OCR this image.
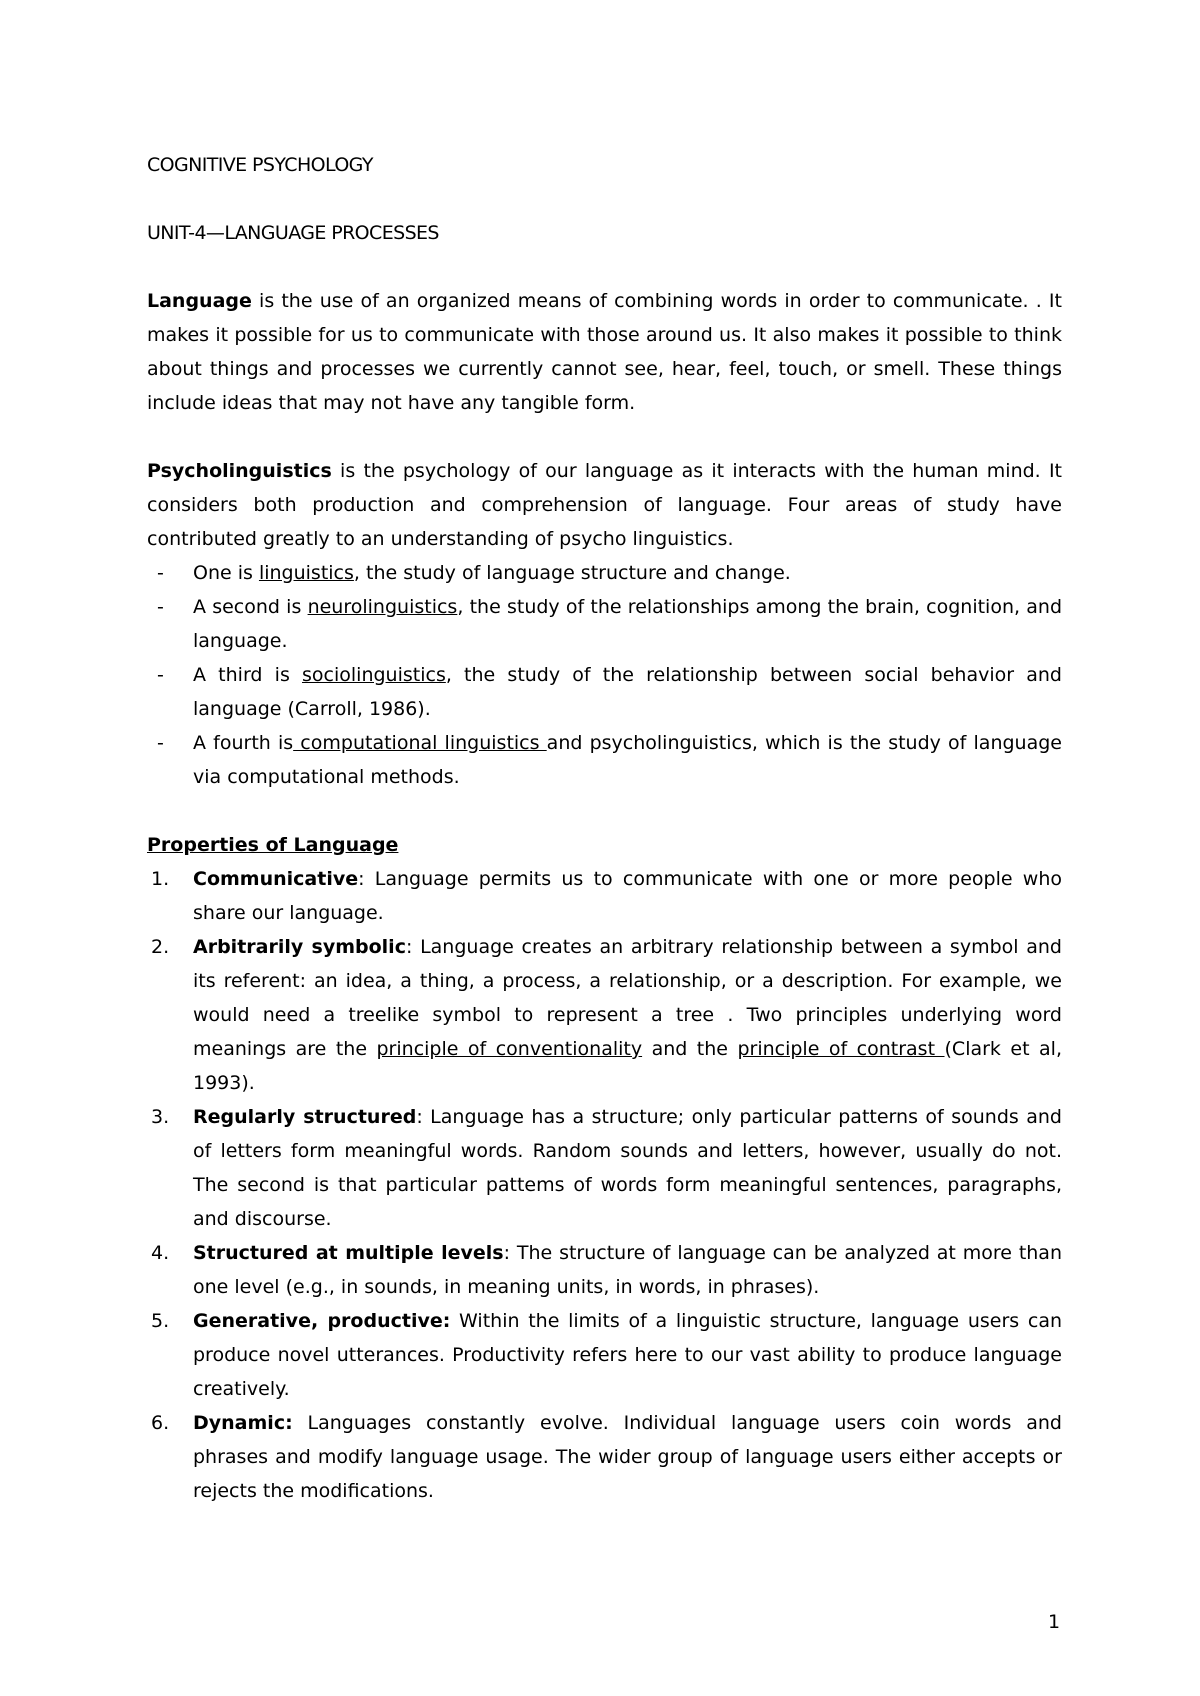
COGNITIVE PSYCHOLOGY

UNIT-4—LANGUAGE PROCESSES

Language is the use of an organized means of combining words in order to communicate. . It makes it possible for us to communicate with those around us. It also makes it possible to think about things and processes we currently cannot see, hear, feel, touch, or smell. These things include ideas that may not have any tangible form.

Psycholinguistics is the psychology of our language as it interacts with the human mind. It considers both production and comprehension of language. Four areas of study have contributed greatly to an understanding of psycho linguistics.

- One is linguistics, the study of language structure and change.
- A second is neurolinguistics, the study of the relationships among the brain, cognition, and language.
- A third is sociolinguistics, the study of the relationship between social behavior and language (Carroll, 1986).
- A fourth is computational linguistics and psycholinguistics, which is the study of language via computational methods.

Properties of Language

1. Communicative: Language permits us to communicate with one or more people who share our language.
2. Arbitrarily symbolic: Language creates an arbitrary relationship between a symbol and its referent: an idea, a thing, a process, a relationship, or a description. For example, we would need a treelike symbol to represent a tree . Two principles underlying word meanings are the principle of conventionality and the principle of contrast (Clark et al, 1993).
3. Regularly structured: Language has a structure; only particular patterns of sounds and of letters form meaningful words. Random sounds and letters, however, usually do not. The second is that particular pattems of words form meaningful sentences, paragraphs, and discourse.
4. Structured at multiple levels: The structure of language can be analyzed at more than one level (e.g., in sounds, in meaning units, in words, in phrases).
5. Generative, productive: Within the limits of a linguistic structure, language users can produce novel utterances. Productivity refers here to our vast ability to produce language creatively.
6. Dynamic: Languages constantly evolve. Individual language users coin words and phrases and modify language usage. The wider group of language users either accepts or rejects the modifications.
1
